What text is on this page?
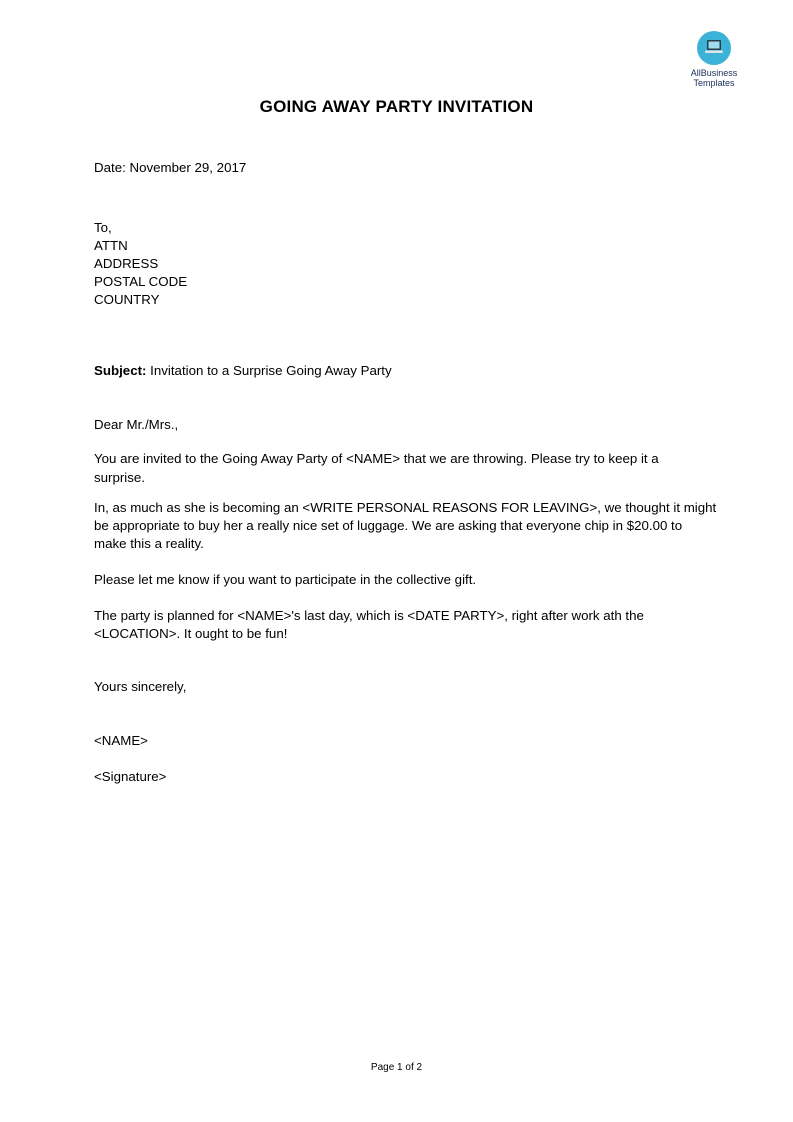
AllBusiness
Templates
GOING AWAY PARTY INVITATION
Date: November 29, 2017
To,
ATTN
ADDRESS
POSTAL CODE
COUNTRY
Subject: Invitation to a Surprise Going Away Party
Dear Mr./Mrs.,
You are invited to the Going Away Party of <NAME> that we are throwing. Please try to keep it a
surprise.
In, as much as she is becoming an <WRITE PERSONAL REASONS FOR LEAVING>, we thought it might
be appropriate to buy her a really nice set of luggage. We are asking that everyone chip in $20.00 to
make this a reality.
Please let me know if you want to participate in the collective gift.
The party is planned for <NAME>'s last day, which is <DATE PARTY>, right after work ath the
<LOCATION>. It ought to be fun!
Yours sincerely,
<NAME>
<Signature>
Page 1 of 2
